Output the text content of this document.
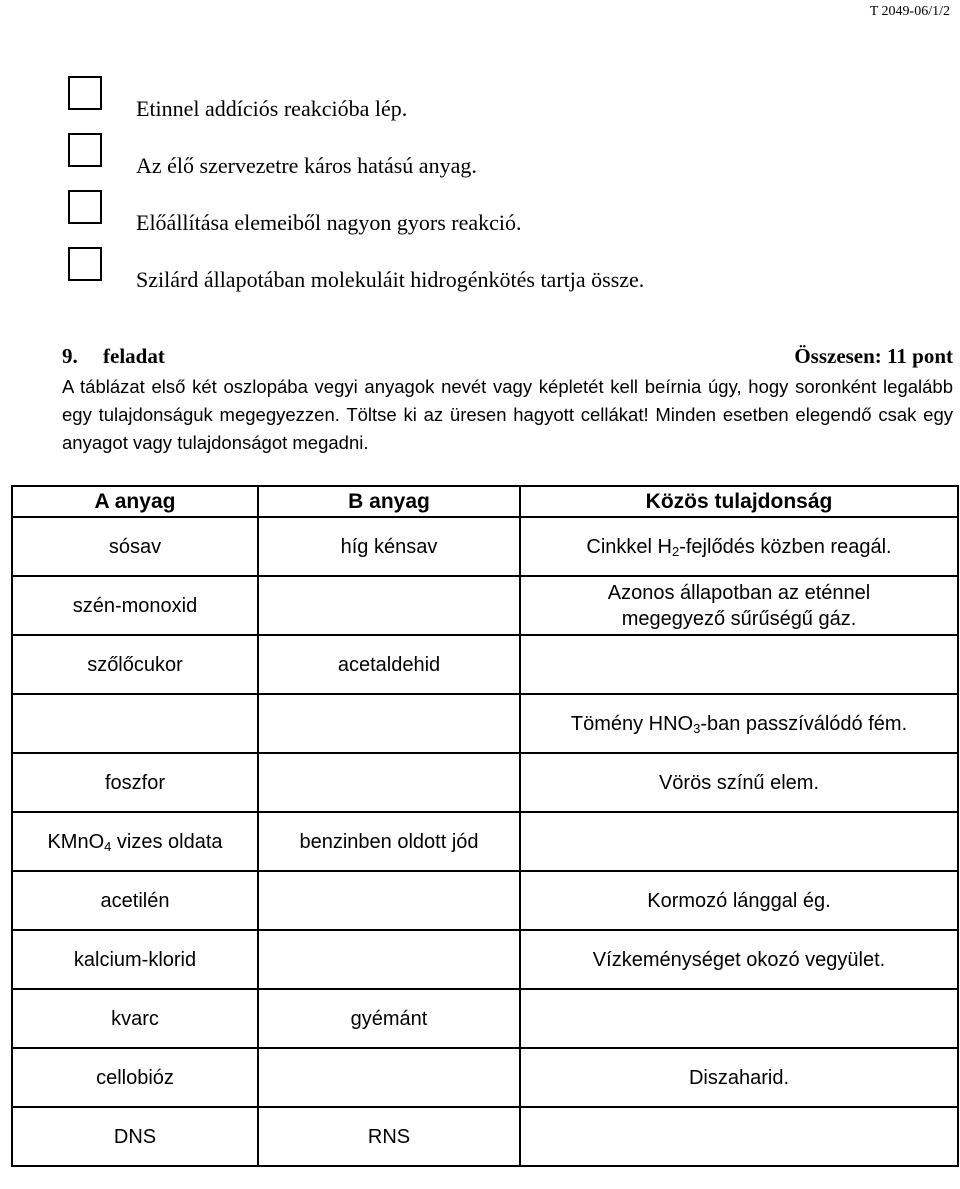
T 2049-06/1/2
Etinnel addíciós reakcióba lép.
Az élő szervezetre káros hatású anyag.
Előállítása elemeiből nagyon gyors reakció.
Szilárd állapotában molekuláit hidrogénkötés tartja össze.
9. feladat	Összesen: 11 pont

A táblázat első két oszlopába vegyi anyagok nevét vagy képletét kell beírnia úgy, hogy soronként legalább egy tulajdonságuk megegyezzen. Töltse ki az üresen hagyott cellákat! Minden esetben elegendő csak egy anyagot vagy tulajdonságot megadni.

A anyag	B anyag	Közös tulajdonság
sósav	híg kénsav	Cinkkel $H_2$-fejlődés közben reagál.
szén-monoxid		Azonos állapotban az eténnel
megegyező sűrűségű gáz.
szőlőcukor	acetaldehid	
		Tömény $HNO_3$-ban passzíválódó fém.
foszfor		Vörös színű elem.
KMnO$_4$ vizes oldata	benzinben oldott jód	
acetilén		Kormozó lánggal ég.
kalcium-klorid		Vízkeménységet okozó vegyület.
kvarc	gyémánt	
cellobióz		Diszaharid.
DNS	RNS	
